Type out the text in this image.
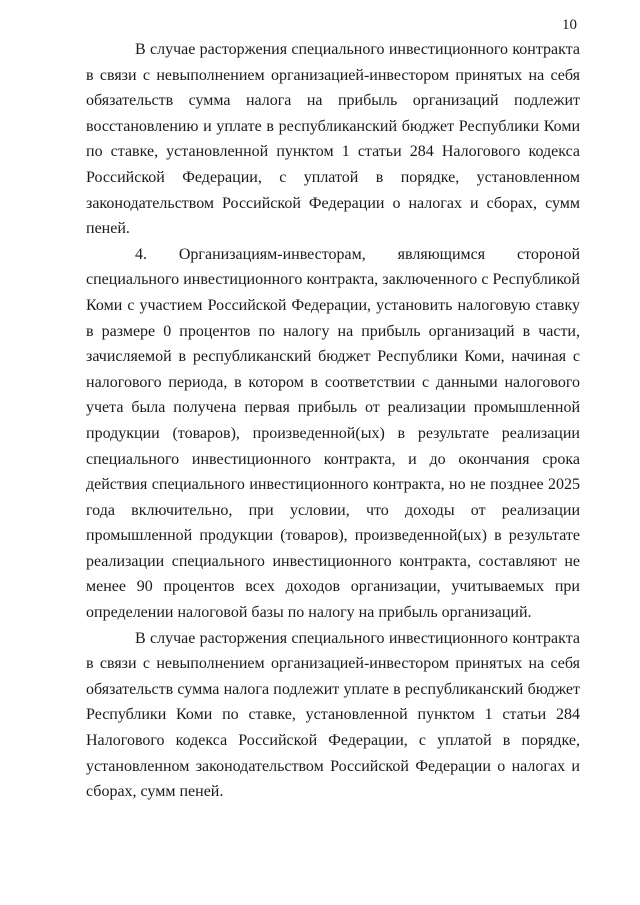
10

В случае расторжения специального инвестиционного контракта в связи с невыполнением организацией-инвестором принятых на себя обязательств сумма налога на прибыль организаций подлежит восстановлению и уплате в республиканский бюджет Республики Коми по ставке, установленной пунктом 1 статьи 284 Налогового кодекса Российской Федерации, с уплатой в порядке, установленном законодательством Российской Федерации о налогах и сборах, сумм пеней.

4. Организациям-инвесторам, являющимся стороной специального инвестиционного контракта, заключенного с Республикой Коми с участием Российской Федерации, установить налоговую ставку в размере 0 процентов по налогу на прибыль организаций в части, зачисляемой в республиканский бюджет Республики Коми, начиная с налогового периода, в котором в соответствии с данными налогового учета была получена первая прибыль от реализации промышленной продукции (товаров), произведенной(ых) в результате реализации специального инвестиционного контракта, и до окончания срока действия специального инвестиционного контракта, но не позднее 2025 года включительно, при условии, что доходы от реализации промышленной продукции (товаров), произведенной(ых) в результате реализации специального инвестиционного контракта, составляют не менее 90 процентов всех доходов организации, учитываемых при определении налоговой базы по налогу на прибыль организаций.

В случае расторжения специального инвестиционного контракта в связи с невыполнением организацией-инвестором принятых на себя обязательств сумма налога подлежит уплате в республиканский бюджет Республики Коми по ставке, установленной пунктом 1 статьи 284 Налогового кодекса Российской Федерации, с уплатой в порядке, установленном законодательством Российской Федерации о налогах и сборах, сумм пеней.
